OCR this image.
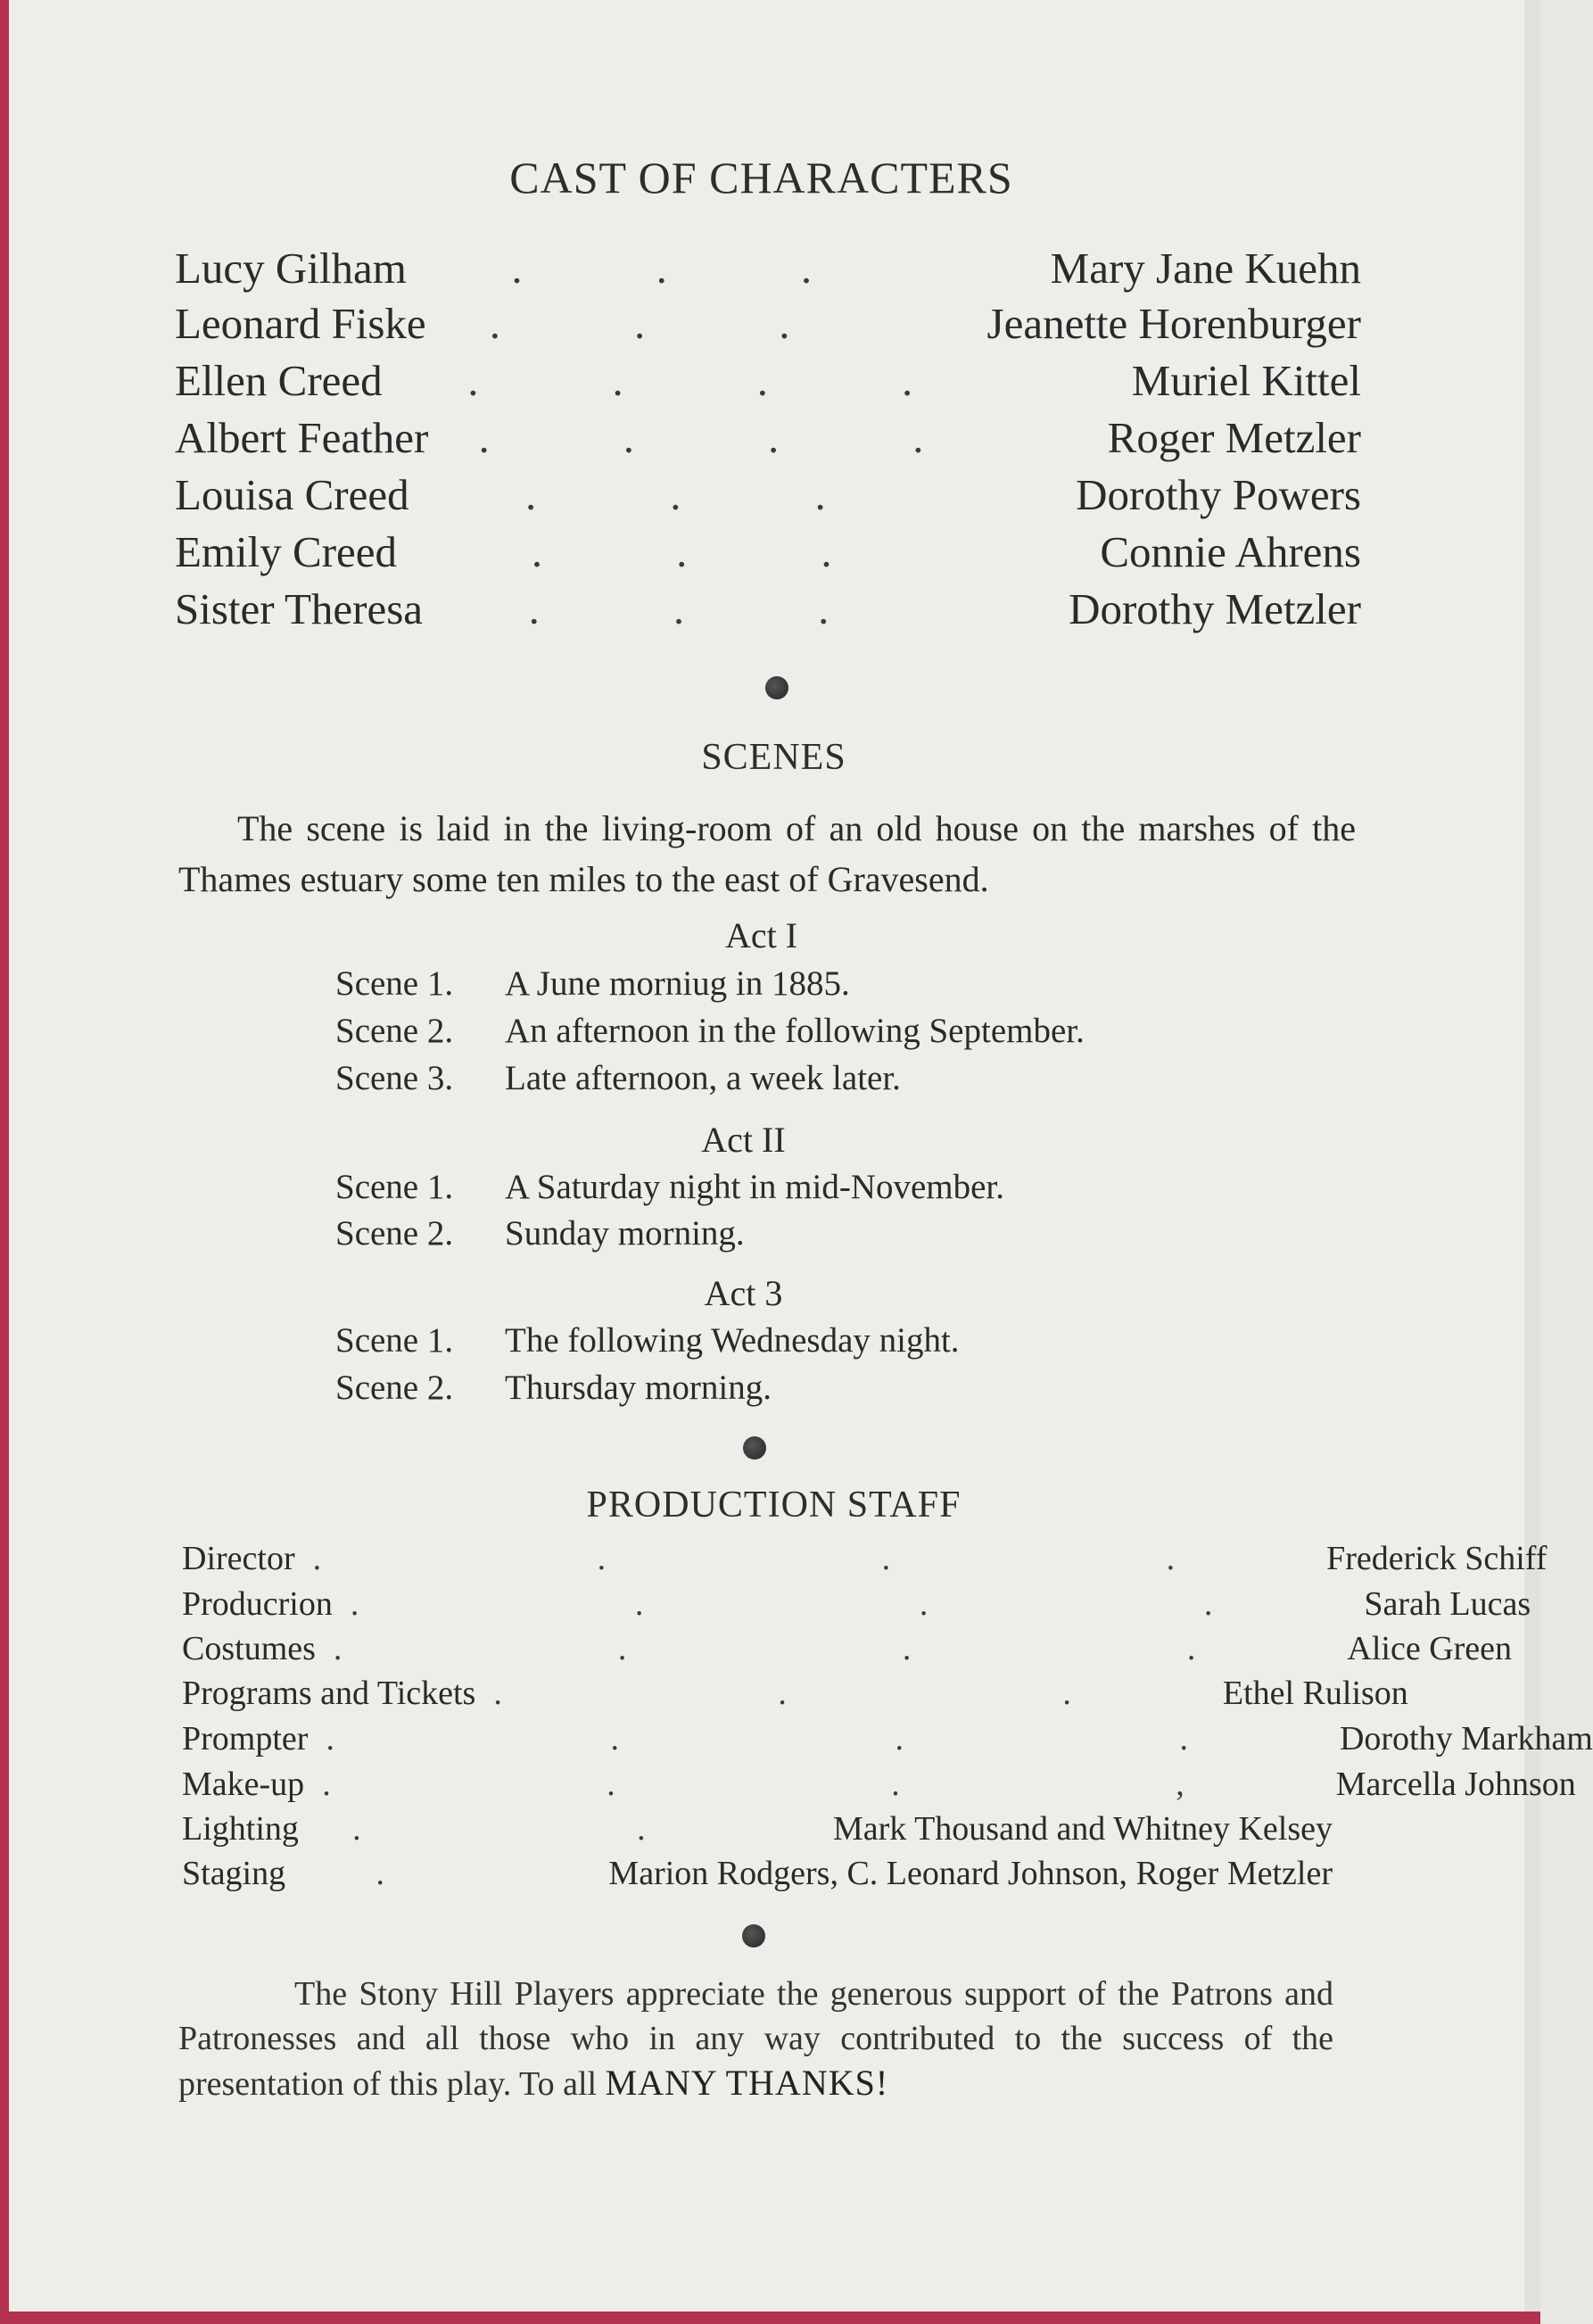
CAST OF CHARACTERS
Lucy Gilham	...	Mary Jane Kuehn
Leonard Fiske	...	Jeanette Horenburger
Ellen Creed	....	Muriel Kittel
Albert Feather	....	Roger Metzler
Louisa Creed	...	Dorothy Powers
Emily Creed	...	Connie Ahrens
Sister Theresa	...	Dorothy Metzler
SCENES
The scene is laid in the living-room of an old house on the marshes of the Thames estuary some ten miles to the east of Gravesend.
Act I
Scene 1. A June morniug in 1885.
Scene 2. An afternoon in the following September.
Scene 3. Late afternoon, a week later.
Act II
Scene 1. A Saturday night in mid-November.
Scene 2. Sunday morning.
Act 3
Scene 1. The following Wednesday night.
Scene 2. Thursday morning.
PRODUCTION STAFF
Director . . . . Frederick Schiff
Producrion . . . . Sarah Lucas
Costumes . . . . Alice Green
Programs and Tickets . . . Ethel Rulison
Prompter . . . . Dorothy Markham
Make-up . . . , Marcella Johnson
Lighting	. .	Mark Thousand and Whitney Kelsey
Staging	.	Marion Rodgers, C. Leonard Johnson, Roger Metzler
The Stony Hill Players appreciate the generous support of the Patrons and Patronesses and all those who in any way contributed to the success of the presentation of this play. To all MANY THANKS!
